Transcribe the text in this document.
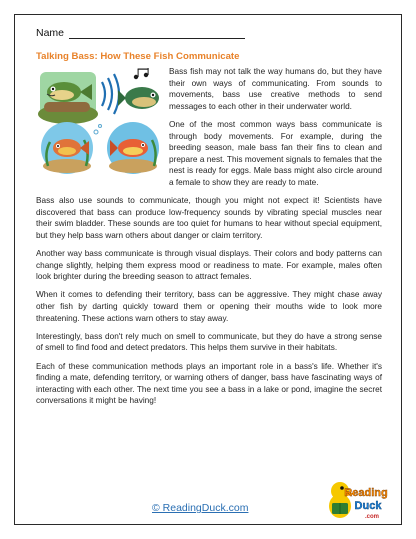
Name
Talking Bass: How These Fish Communicate

Bass fish may not talk the way humans do, but they have their own ways of communicating. From sounds to movements, bass use creative methods to send messages to each other in their underwater world.

One of the most common ways bass communicate is through body movements. For example, during the breeding season, male bass fan their fins to clean and prepare a nest. This movement signals to females that the nest is ready for eggs. Male bass might also circle around a female to show they are ready to mate.

Bass also use sounds to communicate, though you might not expect it! Scientists have discovered that bass can produce low-frequency sounds by vibrating special muscles near their swim bladder. These sounds are too quiet for humans to hear without special equipment, but they help bass warn others about danger or claim territory.

Another way bass communicate is through visual displays. Their colors and body patterns can change slightly, helping them express mood or readiness to mate. For example, males often look brighter during the breeding season to attract females.

When it comes to defending their territory, bass can be aggressive. They might chase away other fish by darting quickly toward them or opening their mouths wide to look more threatening. These actions warn others to stay away.

Interestingly, bass don't rely much on smell to communicate, but they do have a strong sense of smell to find food and detect predators. This helps them survive in their habitats.

Each of these communication methods plays an important role in a bass's life. Whether it's finding a mate, defending territory, or warning others of danger, bass have fascinating ways of interacting with each other. The next time you see a bass in a lake or pond, imagine the secret conversations it might be having!

© ReadingDuck.com
Reading
Duck
.com
